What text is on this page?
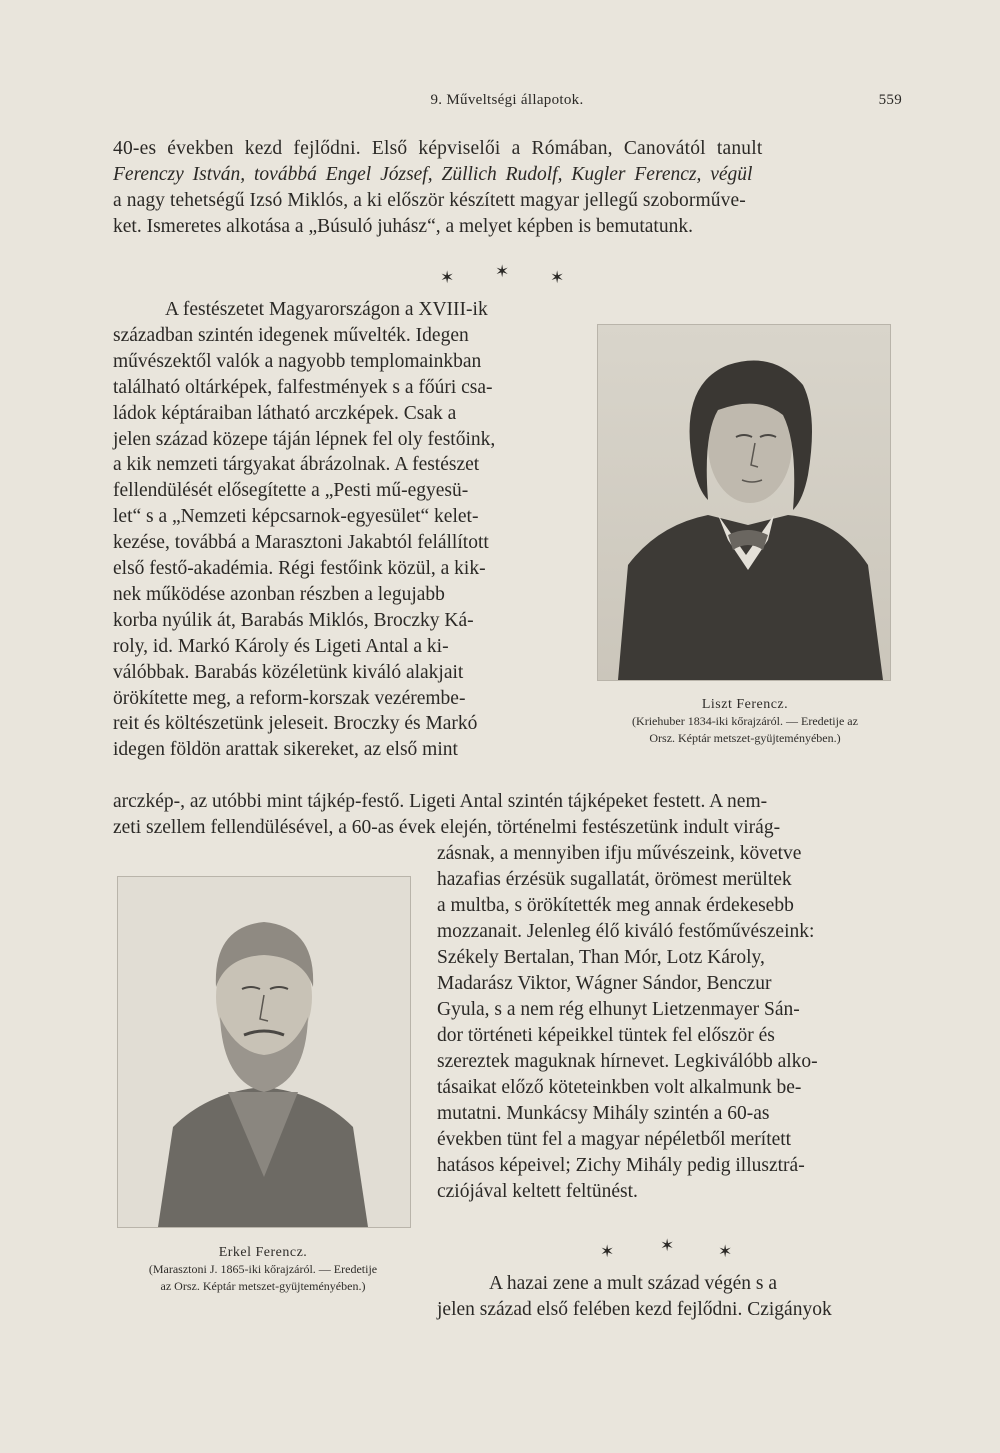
9. Műveltségi állapotok.	559
40-es években kezd fejlődni. Első képviselői a Rómában, Canovától tanult
Ferenczy István, továbbá Engel József, Züllich Rudolf, Kugler Ferencz, végül
a nagy tehetségű Izsó Miklós, a ki először készített magyar jellegű szoborműve-
ket. Ismeretes alkotása a „Búsuló juhász“, a melyet képben is bemutatunk.
✶ ✶ ✶
A festészetet Magyarországon a XVIII-ik
században szintén idegenek művelték. Idegen
művészektől valók a nagyobb templomainkban
található oltárképek, falfestmények s a főúri csa-
ládok képtáraiban látható arczképek. Csak a
jelen század közepe táján lépnek fel oly festőink,
a kik nemzeti tárgyakat ábrázolnak. A festészet
fellendülését elősegítette a „Pesti mű-egyesü-
let“ s a „Nemzeti képcsarnok-egyesület“ kelet-
kezése, továbbá a Marasztoni Jakabtól felállított
első festő-akadémia. Régi festőink közül, a kik-
nek működése azonban részben a legujabb
korba nyúlik át, Barabás Miklós, Broczky Ká-
roly, id. Markó Károly és Ligeti Antal a ki-
válóbbak. Barabás közéletünk kiváló alakjait
örökítette meg, a reform-korszak vezérembe-
reit és költészetünk jeleseit. Broczky és Markó
idegen földön arattak sikereket, az első mint
Liszt Ferencz.
(Kriehuber 1834-iki kőrajzáról. — Eredetije az
Orsz. Képtár metszet-gyüjteményében.)
arczkép-, az utóbbi mint tájkép-festő. Ligeti Antal szintén tájképeket festett. A nem-
zeti szellem fellendülésével, a 60-as évek elején, történelmi festészetünk indult virág-
Erkel Ferencz.
(Marasztoni J. 1865-iki kőrajzáról. — Eredetije
az Orsz. Képtár metszet-gyüjteményében.)
zásnak, a mennyiben ifju művészeink, követve
hazafias érzésük sugallatát, örömest merültek
a multba, s örökítették meg annak érdekesebb
mozzanait. Jelenleg élő kiváló festőművészeink:
Székely Bertalan, Than Mór, Lotz Károly,
Madarász Viktor, Wágner Sándor, Benczur
Gyula, s a nem rég elhunyt Lietzenmayer Sán-
dor történeti képeikkel tüntek fel először és
szereztek maguknak hírnevet. Legkiválóbb alko-
tásaikat előző köteteinkben volt alkalmunk be-
mutatni. Munkácsy Mihály szintén a 60-as
években tünt fel a magyar népéletből merített
hatásos képeivel; Zichy Mihály pedig illusztrá-
cziójával keltett feltünést.
✶	✶	✶
A hazai zene a mult század végén s a
jelen század első felében kezd fejlődni. Czigányok
